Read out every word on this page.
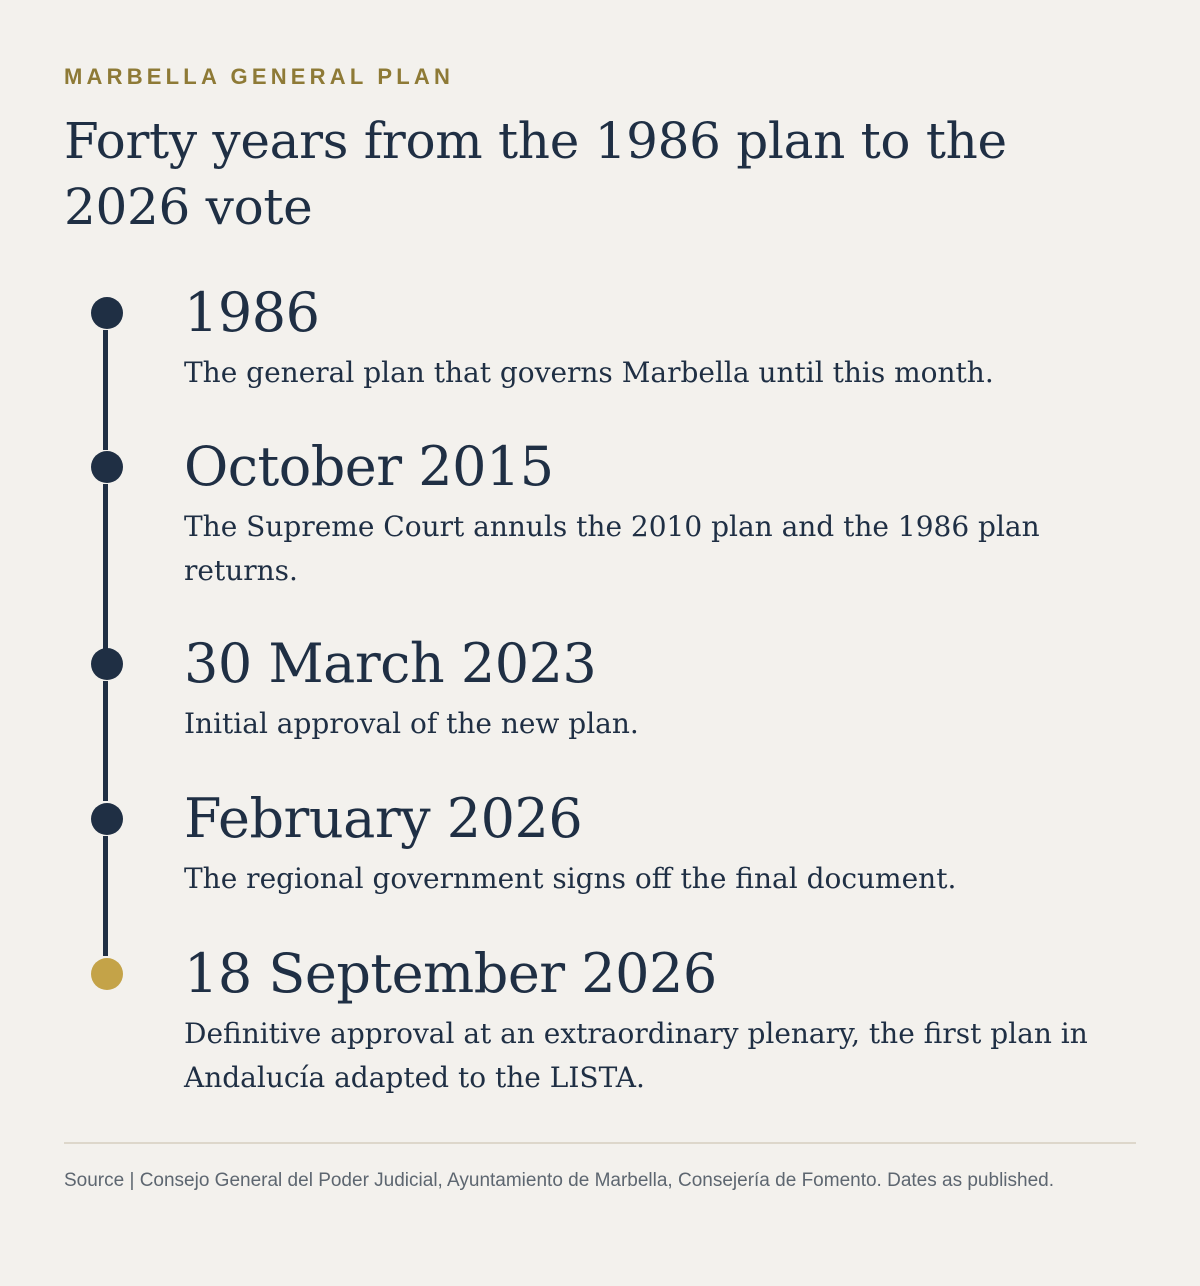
MARBELLA GENERAL PLAN
Forty years from the 1986 plan to the 2026 vote
1986
The general plan that governs Marbella until this month.
October 2015
The Supreme Court annuls the 2010 plan and the 1986 plan returns.
30 March 2023
Initial approval of the new plan.
February 2026
The regional government signs off the final document.
18 September 2026
Definitive approval at an extraordinary plenary, the first plan in Andalucía adapted to the LISTA.
Source | Consejo General del Poder Judicial, Ayuntamiento de Marbella, Consejería de Fomento. Dates as published.
